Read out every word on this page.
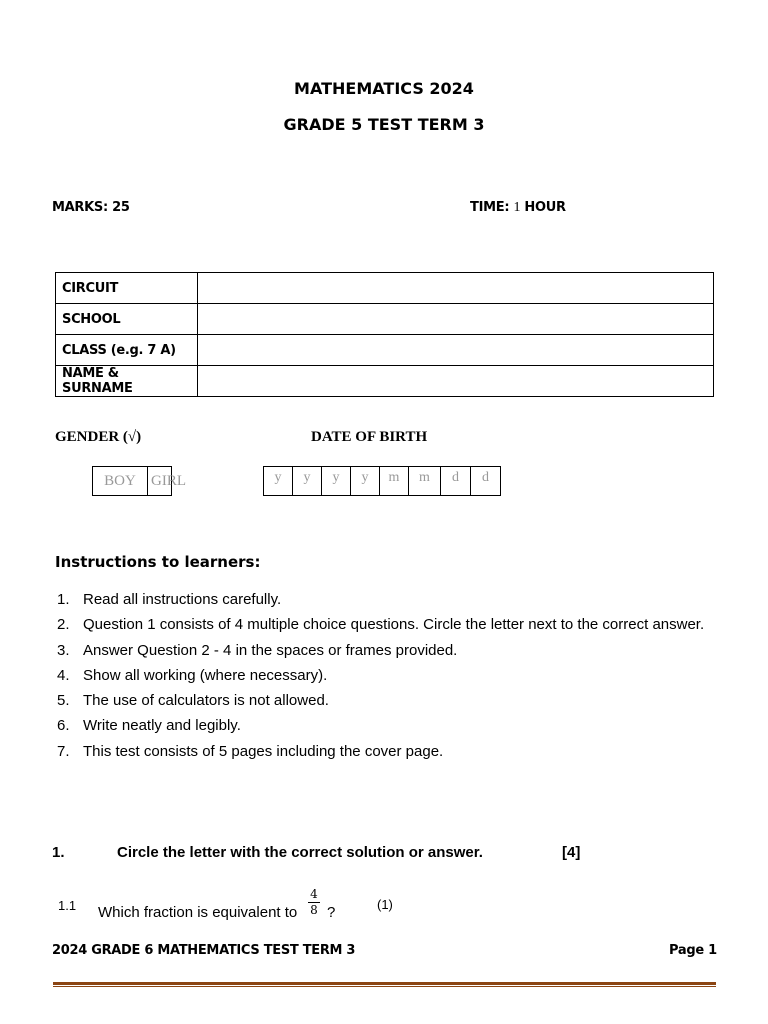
MATHEMATICS 2024
GRADE 5 TEST TERM 3
MARKS: 25	TIME: 1 HOUR
CIRCUIT	
SCHOOL	
CLASS (e.g. 7 A)	
NAME & SURNAME	
GENDER (√)	DATE OF BIRTH
BOY	GIRL	y	y	y	y	m	m	d	d
Instructions to learners:
1. Read all instructions carefully.
2. Question 1 consists of 4 multiple choice questions. Circle the letter next to the correct answer.
3. Answer Question 2 - 4 in the spaces or frames provided.
4. Show all working (where necessary).
5. The use of calculators is not allowed.
6. Write neatly and legibly.
7. This test consists of 5 pages including the cover page.
1.	Circle the letter with the correct solution or answer.	[4]
1.1 Which fraction is equivalent to
4
8 ?	(1)
2024 GRADE 6 MATHEMATICS TEST TERM 3	Page 1
